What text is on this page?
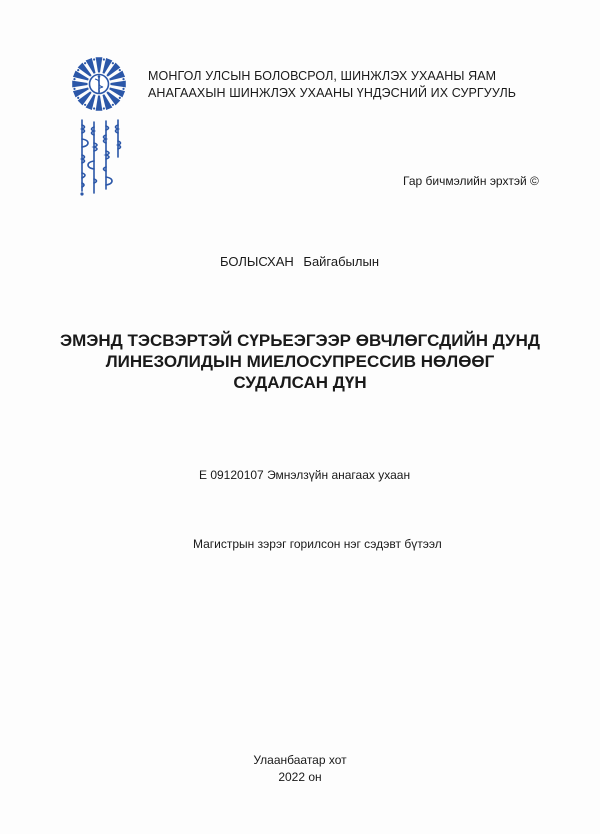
МОНГОЛ УЛСЫН БОЛОВСРОЛ, ШИНЖЛЭХ УХААНЫ ЯАМ
АНАГААХЫН ШИНЖЛЭХ УХААНЫ ҮНДЭСНИЙ ИХ СУРГУУЛЬ
Гар бичмэлийн эрхтэй ©
БОЛЫСХАН Байгабылын
ЭМЭНД ТЭСВЭРТЭЙ СҮРЬЕЭГЭЭР ӨВЧЛӨГСДИЙН ДУНД
ЛИНЕЗОЛИДЫН МИЕЛОСУПРЕССИВ НӨЛӨӨГ
СУДАЛСАН ДҮН
Е 09120107 Эмнэлзүйн анагаах ухаан
Магистрын зэрэг горилсон нэг сэдэвт бүтээл
Улаанбаатар хот
2022 он
